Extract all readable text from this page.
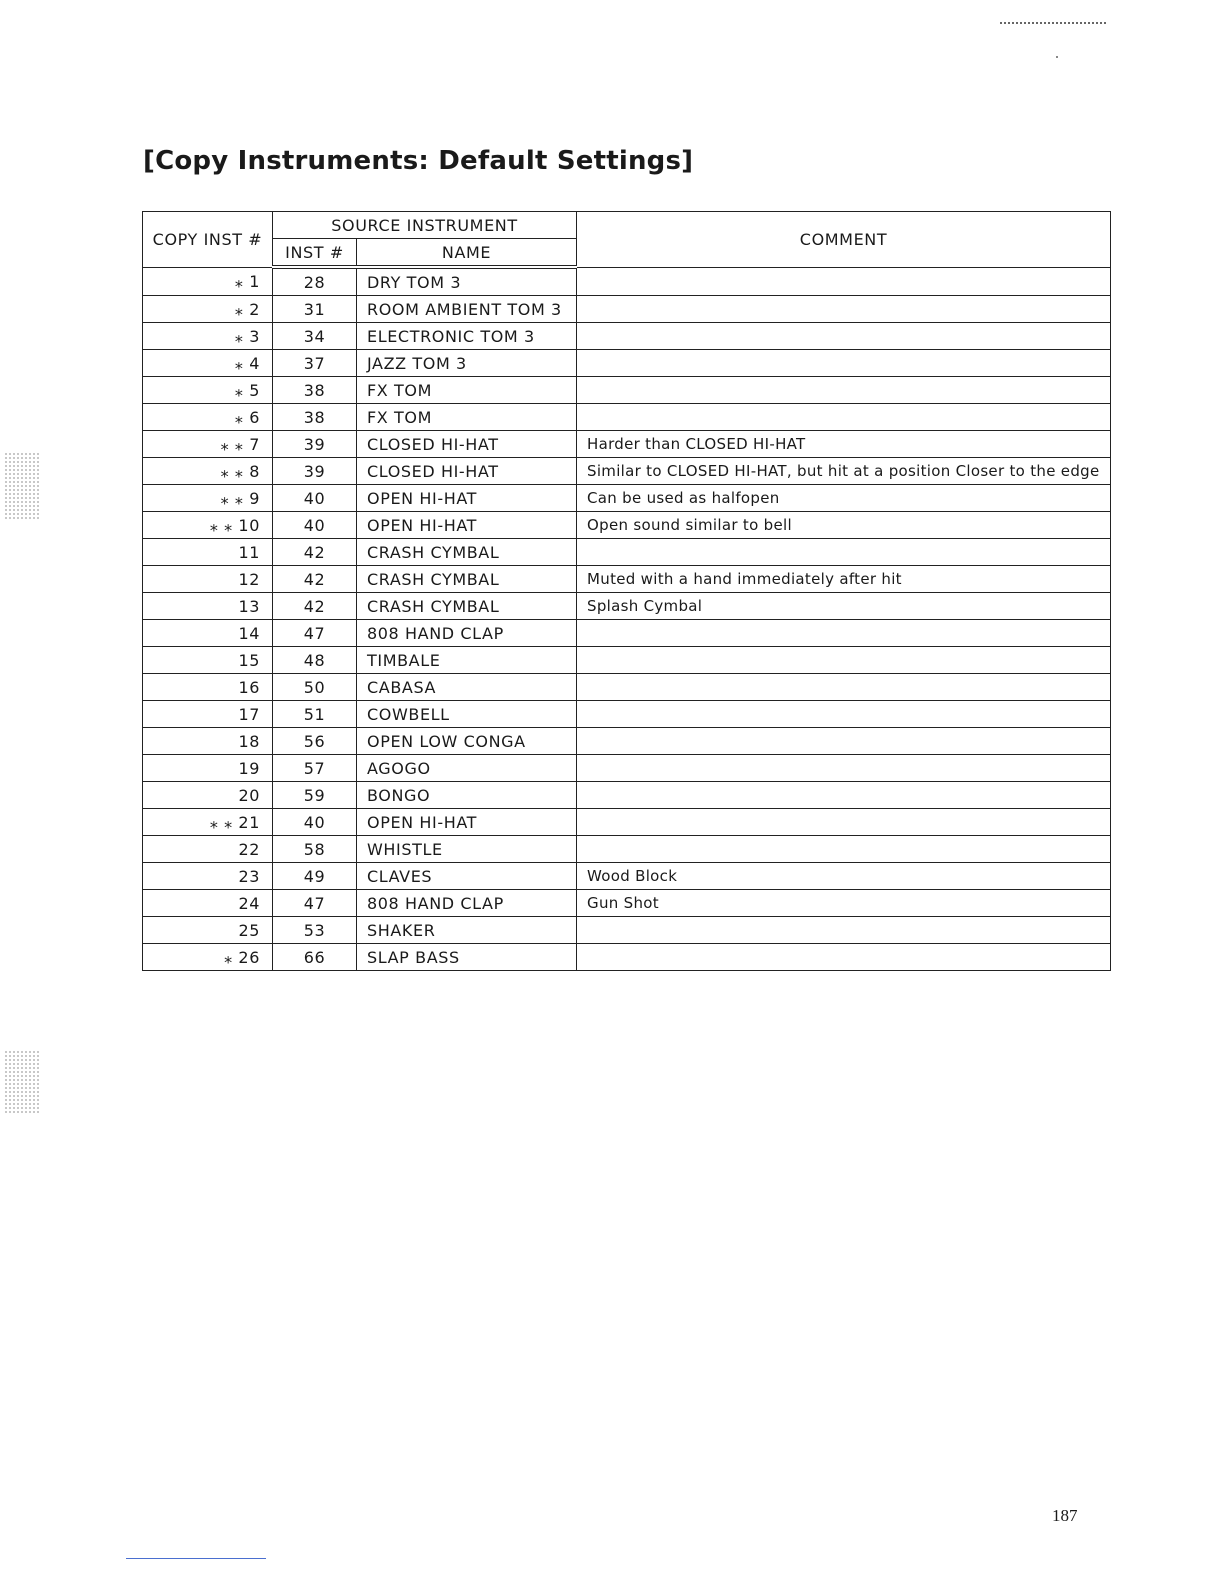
[Copy Instruments: Default Settings]
COPY INST #	SOURCE INSTRUMENT		COMMENT
	INST #	NAME	
⁎ 1	28	DRY TOM 3	
⁎ 2	31	ROOM AMBIENT TOM 3	
⁎ 3	34	ELECTRONIC TOM 3	
⁎ 4	37	JAZZ TOM 3	
⁎ 5	38	FX TOM	
⁎ 6	38	FX TOM	
⁎ ⁎ 7	39	CLOSED HI-HAT	Harder than CLOSED HI-HAT
⁎ ⁎ 8	39	CLOSED HI-HAT	Similar to CLOSED HI-HAT, but hit at a position Closer to the edge
⁎ ⁎ 9	40	OPEN HI-HAT	Can be used as halfopen
⁎ ⁎ 10	40	OPEN HI-HAT	Open sound similar to bell
11	42	CRASH CYMBAL	
12	42	CRASH CYMBAL	Muted with a hand immediately after hit
13	42	CRASH CYMBAL	Splash Cymbal
14	47	808 HAND CLAP	
15	48	TIMBALE	
16	50	CABASA	
17	51	COWBELL	
18	56	OPEN LOW CONGA	
19	57	AGOGO	
20	59	BONGO	
⁎ ⁎ 21	40	OPEN HI-HAT	
22	58	WHISTLE	
23	49	CLAVES	Wood Block
24	47	808 HAND CLAP	Gun Shot
25	53	SHAKER	
⁎ 26	66	SLAP BASS	
187
